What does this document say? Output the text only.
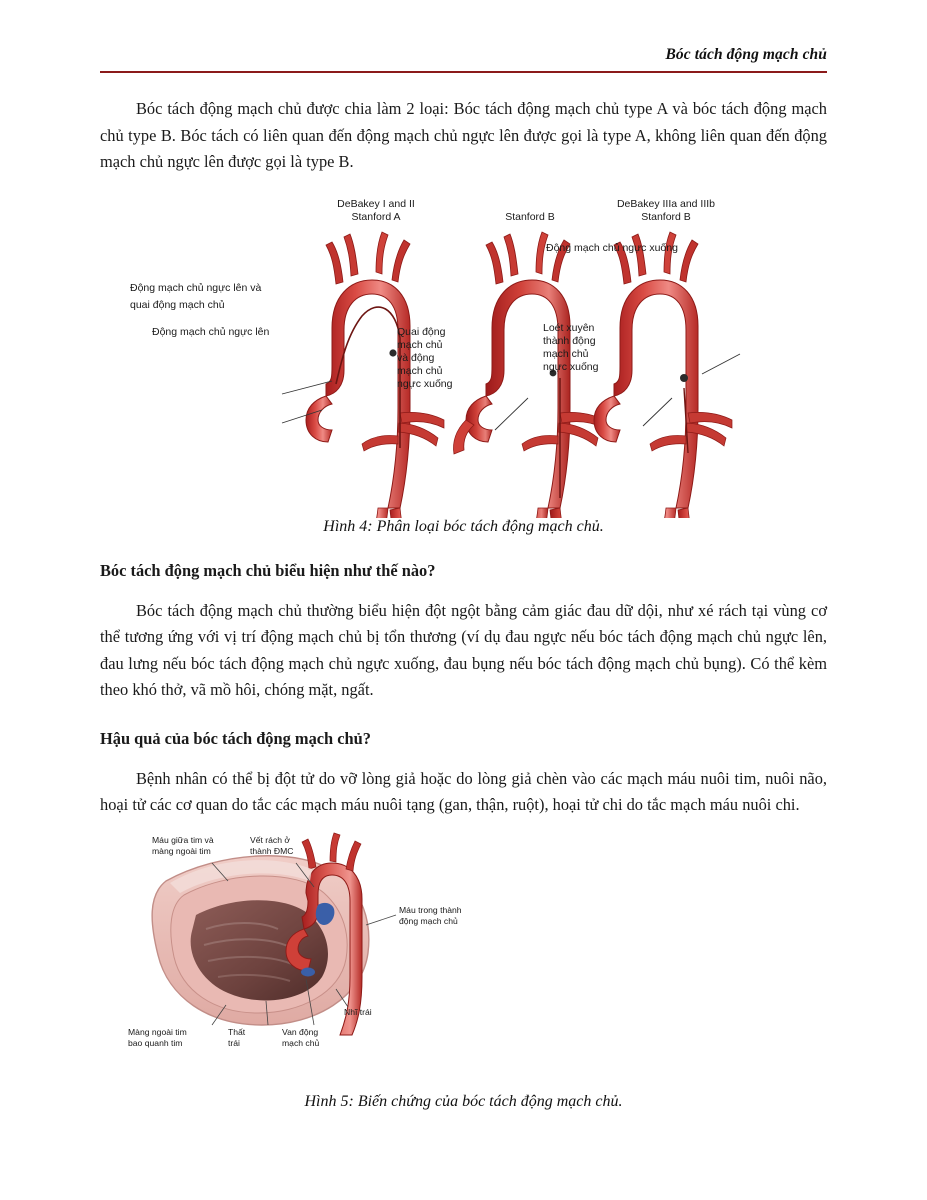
Bóc tách động mạch chủ

Bóc tách động mạch chủ được chia làm 2 loại: Bóc tách động mạch chủ type A và bóc tách động mạch chủ type B. Bóc tách có liên quan đến động mạch chủ ngực lên được gọi là type A, không liên quan đến động mạch chủ ngực lên được gọi là type B.

DeBakey I and II
Stanford A	Stanford B
DeBakey IIIa and IIIb
Stanford B
Động mạch chủ ngực lên và
quai động mạch chủ
Động mạch chủ ngực lên	Quai động
mạch chủ
và động
mạch chủ
ngực xuống
Động mạch chủ ngực xuống
Loét xuyên
thành động
mạch chủ
ngực xuống
Hình 4: Phân loại bóc tách động mạch chủ.
Bóc tách động mạch chủ biểu hiện như thế nào?

Bóc tách động mạch chủ thường biểu hiện đột ngột bằng cảm giác đau dữ dội, như xé rách tại vùng cơ thể tương ứng với vị trí động mạch chủ bị tổn thương (ví dụ đau ngực nếu bóc tách động mạch chủ ngực lên, đau lưng nếu bóc tách động mạch chủ ngực xuống, đau bụng nếu bóc tách động mạch chủ bụng). Có thể kèm theo khó thở, vã mồ hôi, chóng mặt, ngất.

Hậu quả của bóc tách động mạch chủ?

Bệnh nhân có thể bị đột tử do vỡ lòng giả hoặc do lòng giả chèn vào các mạch máu nuôi tim, nuôi não, hoại tử các cơ quan do tắc các mạch máu nuôi tạng (gan, thận, ruột), hoại tử chi do tắc mạch máu nuôi chi.

Máu giữa tim và
màng ngoài tim
Vết rách ở
thành ĐMC
Máu trong thành
động mạch chủ
Màng ngoài tim
bao quanh tim
Thất
trái
Van động
mạch chủ
Nhĩ trái
Hình 5: Biến chứng của bóc tách động mạch chủ.
